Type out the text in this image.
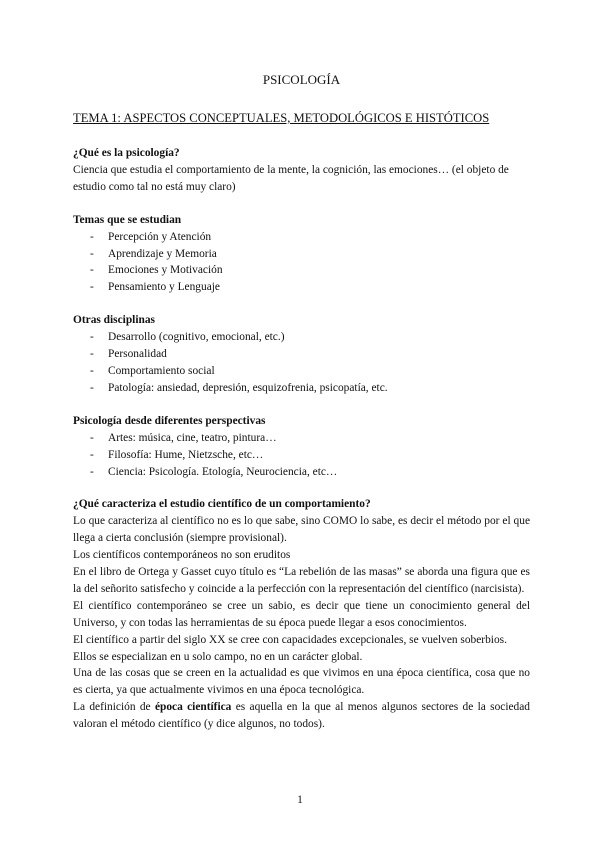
PSICOLOGÍA
TEMA 1: ASPECTOS CONCEPTUALES, METODOLÓGICOS E HISTÓTICOS
¿Qué es la psicología?
Ciencia que estudia el comportamiento de la mente, la cognición, las emociones… (el objeto de estudio como tal no está muy claro)
Temas que se estudian
- Percepción y Atención
- Aprendizaje y Memoria
- Emociones y Motivación
- Pensamiento y Lenguaje
Otras disciplinas
- Desarrollo (cognitivo, emocional, etc.)
- Personalidad
- Comportamiento social
- Patología: ansiedad, depresión, esquizofrenia, psicopatía, etc.
Psicología desde diferentes perspectivas
- Artes: música, cine, teatro, pintura…
- Filosofía: Hume, Nietzsche, etc…
- Ciencia: Psicología. Etología, Neurociencia, etc…
¿Qué caracteriza el estudio científico de un comportamiento?
Lo que caracteriza al científico no es lo que sabe, sino COMO lo sabe, es decir el método por el que llega a cierta conclusión (siempre provisional).
Los científicos contemporáneos no son eruditos
En el libro de Ortega y Gasset cuyo título es “La rebelión de las masas” se aborda una figura que es la del señorito satisfecho y coincide a la perfección con la representación del científico (narcisista).
El científico contemporáneo se cree un sabio, es decir que tiene un conocimiento general del Universo, y con todas las herramientas de su época puede llegar a esos conocimientos.
El científico a partir del siglo XX se cree con capacidades excepcionales, se vuelven soberbios.
Ellos se especializan en u solo campo, no en un carácter global.
Una de las cosas que se creen en la actualidad es que vivimos en una época científica, cosa que no es cierta, ya que actualmente vivimos en una época tecnológica.
La definición de época científica es aquella en la que al menos algunos sectores de la sociedad valoran el método científico (y dice algunos, no todos).
1
